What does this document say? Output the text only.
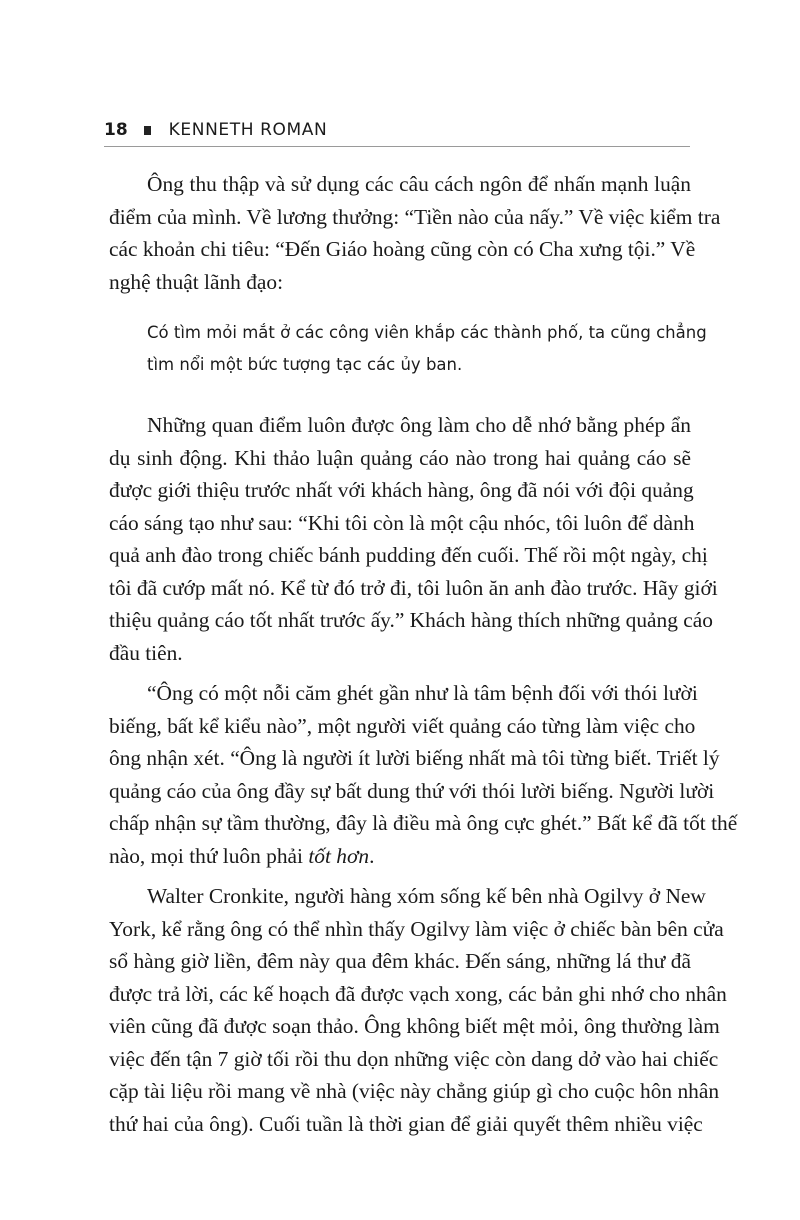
18 KENNETH ROMAN

Ông thu thập và sử dụng các câu cách ngôn để nhấn mạnh luận
điểm của mình. Về lương thưởng: “Tiền nào của nấy.” Về việc kiểm tra
các khoản chi tiêu: “Đến Giáo hoàng cũng còn có Cha xưng tội.” Về
nghệ thuật lãnh đạo:

Có tìm mỏi mắt ở các công viên khắp các thành phố, ta cũng chẳng
tìm nổi một bức tượng tạc các ủy ban.

Những quan điểm luôn được ông làm cho dễ nhớ bằng phép ẩn
dụ sinh động. Khi thảo luận quảng cáo nào trong hai quảng cáo sẽ
được giới thiệu trước nhất với khách hàng, ông đã nói với đội quảng
cáo sáng tạo như sau: “Khi tôi còn là một cậu nhóc, tôi luôn để dành
quả anh đào trong chiếc bánh pudding đến cuối. Thế rồi một ngày, chị
tôi đã cướp mất nó. Kể từ đó trở đi, tôi luôn ăn anh đào trước. Hãy giới
thiệu quảng cáo tốt nhất trước ấy.” Khách hàng thích những quảng cáo
đầu tiên.

“Ông có một nỗi căm ghét gần như là tâm bệnh đối với thói lười
biếng, bất kể kiểu nào”, một người viết quảng cáo từng làm việc cho
ông nhận xét. “Ông là người ít lười biếng nhất mà tôi từng biết. Triết lý
quảng cáo của ông đầy sự bất dung thứ với thói lười biếng. Người lười
chấp nhận sự tầm thường, đây là điều mà ông cực ghét.” Bất kể đã tốt thế
nào, mọi thứ luôn phải tốt hơn.

Walter Cronkite, người hàng xóm sống kế bên nhà Ogilvy ở New
York, kể rằng ông có thể nhìn thấy Ogilvy làm việc ở chiếc bàn bên cửa
sổ hàng giờ liền, đêm này qua đêm khác. Đến sáng, những lá thư đã
được trả lời, các kế hoạch đã được vạch xong, các bản ghi nhớ cho nhân
viên cũng đã được soạn thảo. Ông không biết mệt mỏi, ông thường làm
việc đến tận 7 giờ tối rồi thu dọn những việc còn dang dở vào hai chiếc
cặp tài liệu rồi mang về nhà (việc này chẳng giúp gì cho cuộc hôn nhân
thứ hai của ông). Cuối tuần là thời gian để giải quyết thêm nhiều việc
